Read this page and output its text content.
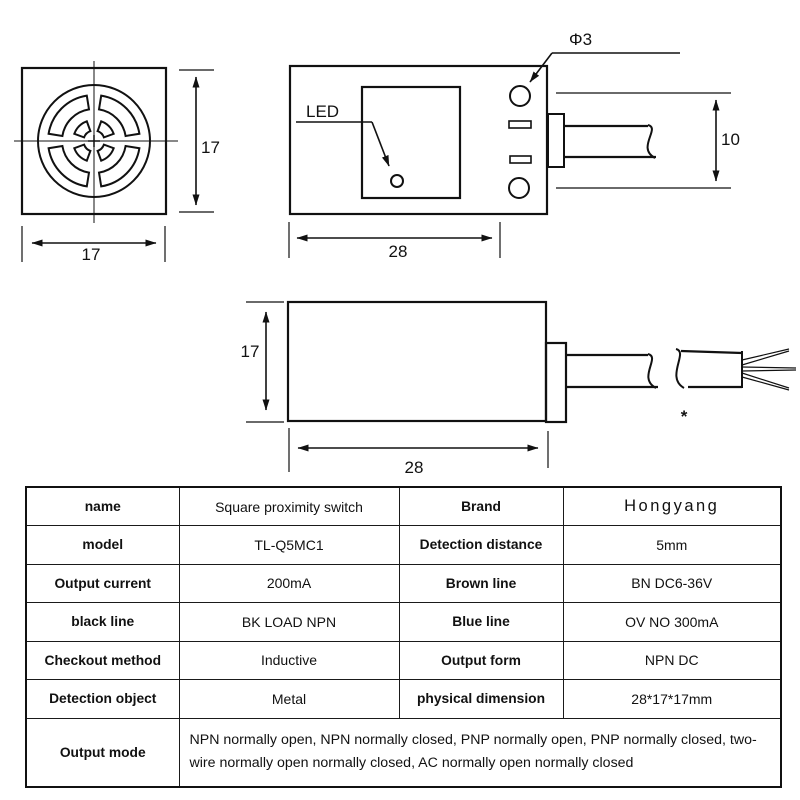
17
17
LED
Φ3
28
10
*
17
28
name	Square proximity switch	Brand	Hongyang
model	TL-Q5MC1	Detection distance	5mm
Output current	200mA	Brown line	BN DC6-36V
black line	BK LOAD NPN	Blue line	OV NO 300mA
Checkout method	Inductive	Output form	NPN DC
Detection object	Metal	physical dimension	28*17*17mm
Output mode	NPN normally open, NPN normally closed, PNP normally open, PNP normally closed, two-wire normally open normally closed, AC normally open normally closed		
